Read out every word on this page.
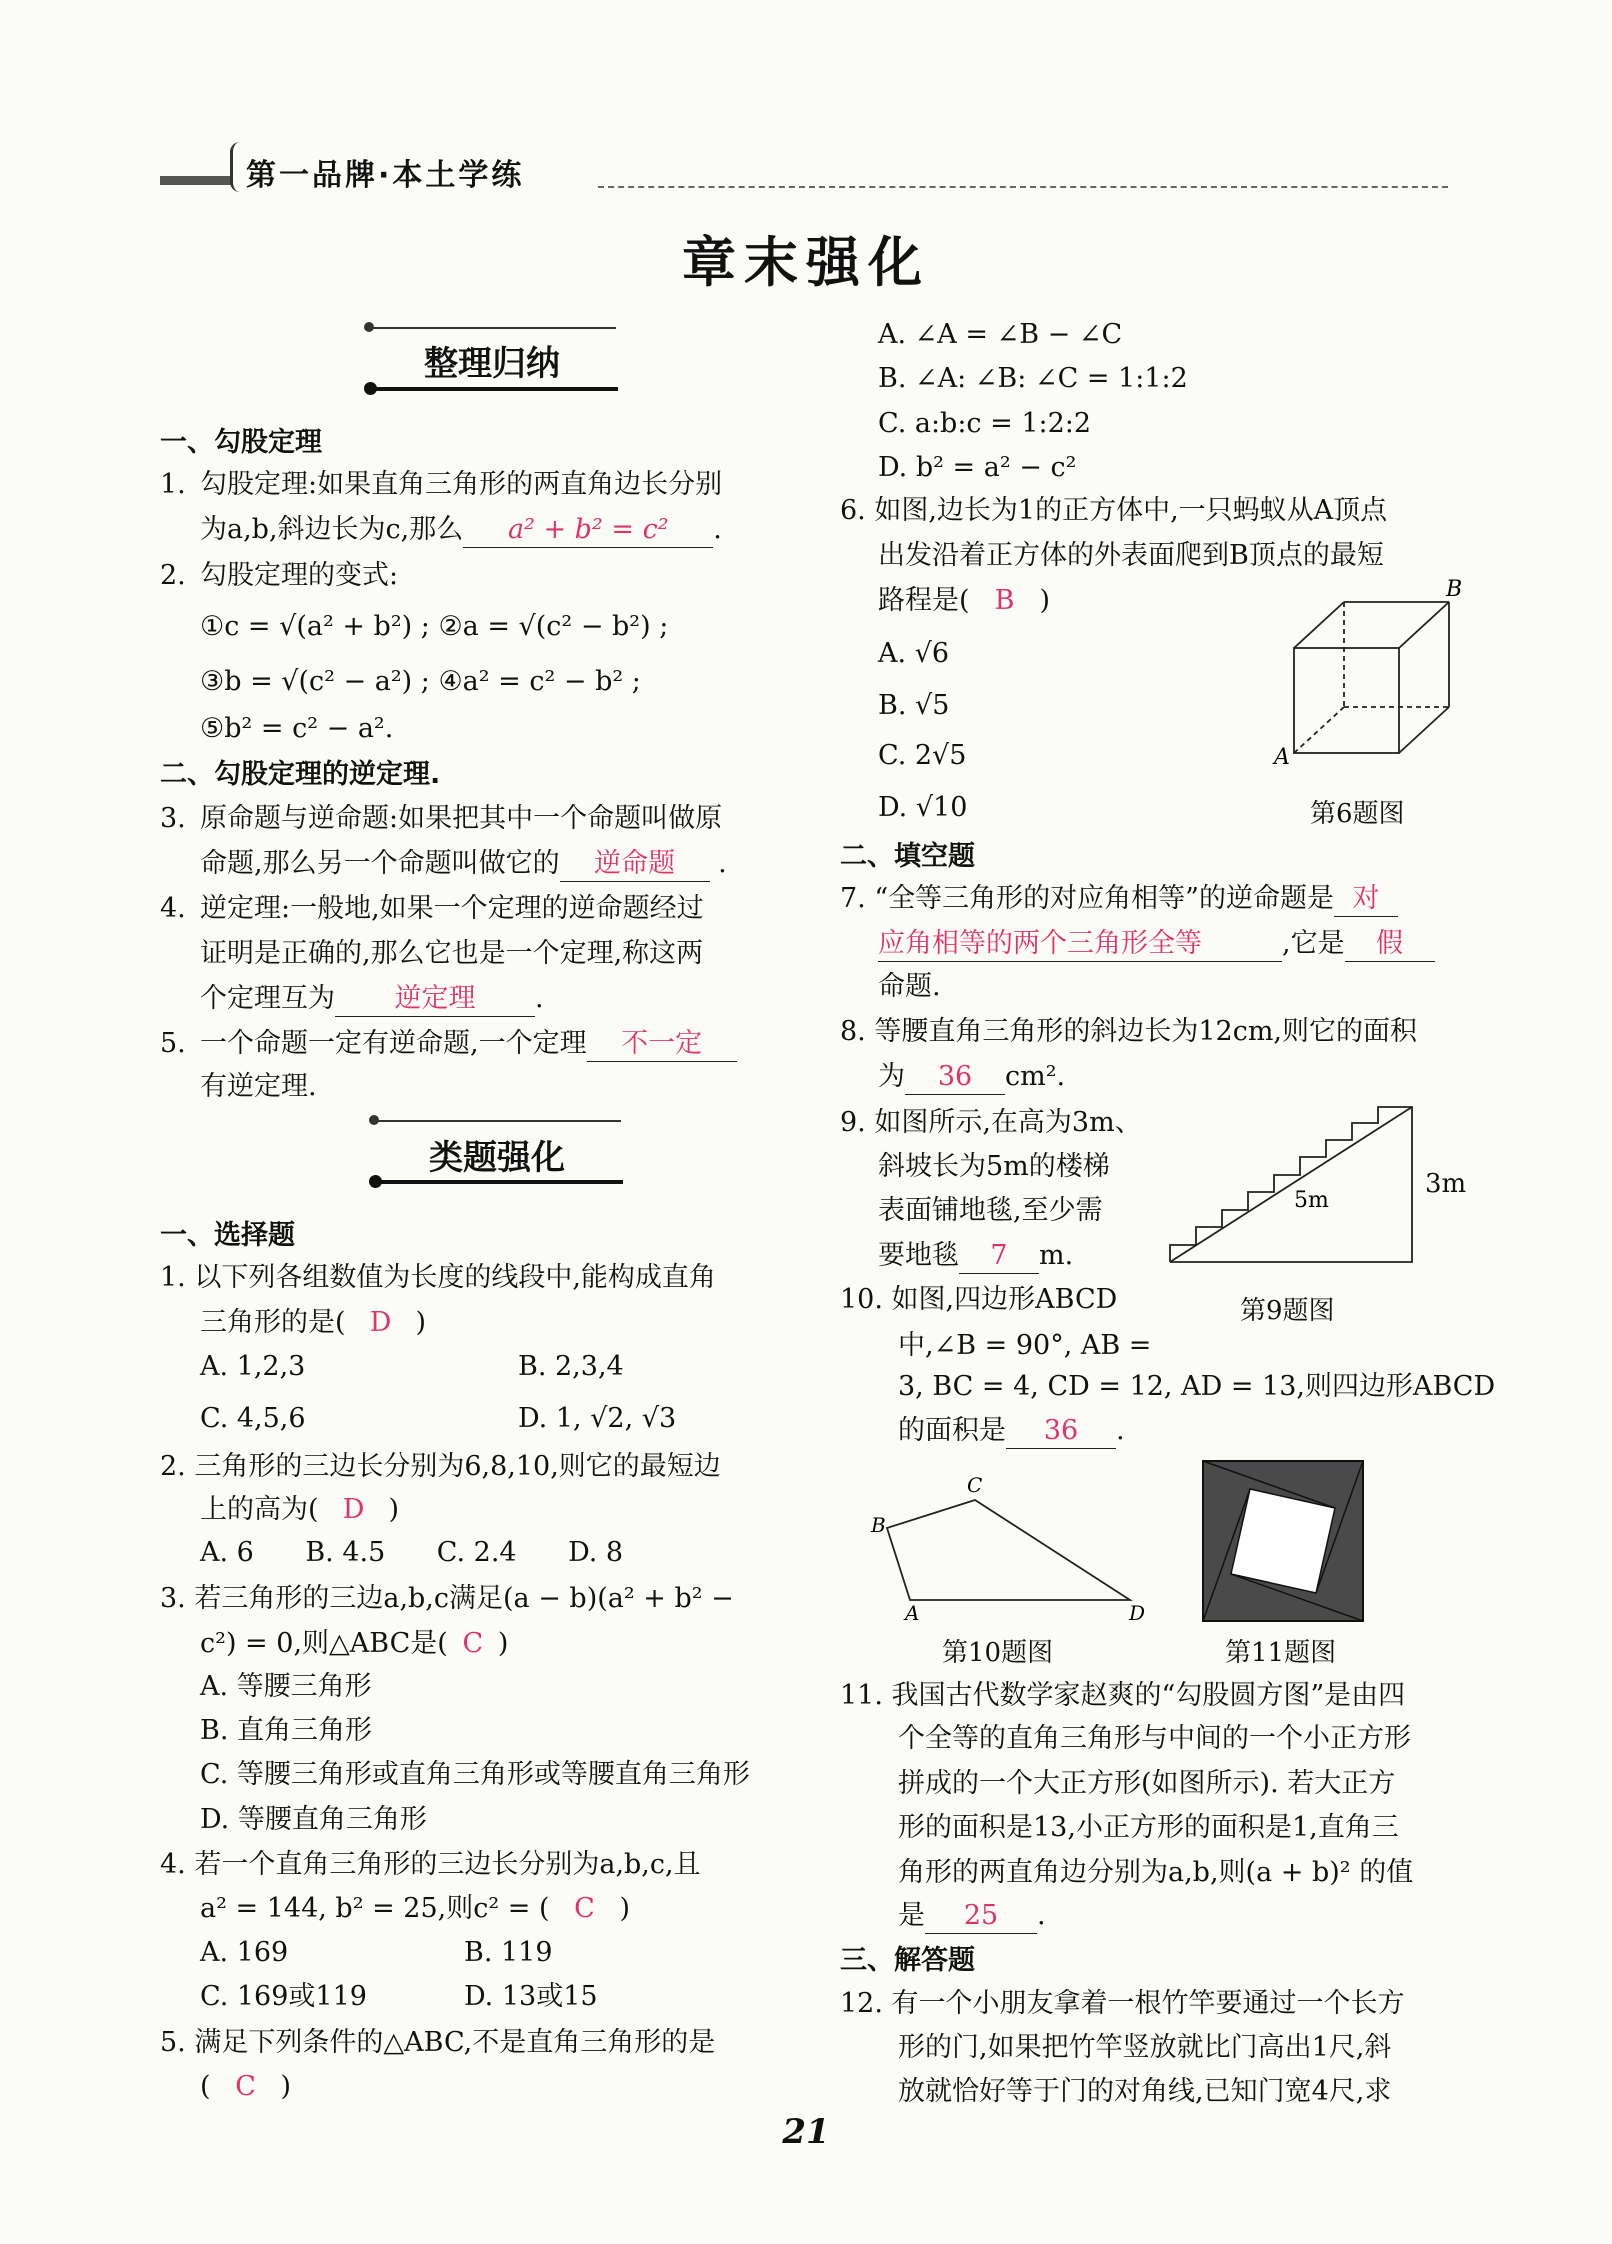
第一品牌·本土学练
章末强化
整理归纳
类题强化
一、勾股定理
1. 勾股定理:如果直角三角形的两直角边长分别
为a,b,斜边长为c,那么 a² + b² = c² .
2. 勾股定理的变式:
①c = √(a² + b²) ; ②a = √(c² − b²) ;
③b = √(c² − a²) ; ④a² = c² − b² ;
⑤b² = c² − a².
二、勾股定理的逆定理.
3. 原命题与逆命题:如果把其中一个命题叫做原
命题,那么另一个命题叫做它的 逆命题 .
4. 逆定理:一般地,如果一个定理的逆命题经过
证明是正确的,那么它也是一个定理,称这两
个定理互为 逆定理 .
5. 一个命题一定有逆命题,一个定理 不一定
有逆定理.
一、选择题
1. 以下列各组数值为长度的线段中,能构成直角
三角形的是( D )
A. 1,2,3	B. 2,3,4
C. 4,5,6	D. 1, √2, √3
2. 三角形的三边长分别为6,8,10,则它的最短边
上的高为( D )
A. 6      B. 4.5      C. 2.4      D. 8
3. 若三角形的三边a,b,c满足(a − b)(a² + b² −
c²) = 0,则△ABC是( C )
A. 等腰三角形
B. 直角三角形
C. 等腰三角形或直角三角形或等腰直角三角形
D. 等腰直角三角形
4. 若一个直角三角形的三边长分别为a,b,c,且
a² = 144, b² = 25,则c² = ( C )
A. 169	B. 119
C. 169或119	D. 13或15
5. 满足下列条件的△ABC,不是直角三角形的是
( C )
A. ∠A = ∠B − ∠C
B. ∠A: ∠B: ∠C = 1:1:2
C. a:b:c = 1:2:2
D. b² = a² − c²
6. 如图,边长为1的正方体中,一只蚂蚁从A顶点
出发沿着正方体的外表面爬到B顶点的最短
路程是( B )
A. √6
B. √5
C. 2√5
D. √10
B
A
第6题图
二、填空题
7. “全等三角形的对应角相等”的逆命题是 对
应角相等的两个三角形全等	,它是 假
命题.
8. 等腰直角三角形的斜边长为12cm,则它的面积
为 36 cm².
9. 如图所示,在高为3m、
斜坡长为5m的楼梯
表面铺地毯,至少需
要地毯 7 m.
5m
3m
第9题图
10. 如图,四边形ABCD
中,∠B = 90°, AB =
3, BC = 4, CD = 12, AD = 13,则四边形ABCD
的面积是 36 .
B
C
D
A
第10题图	第11题图
11. 我国古代数学家赵爽的“勾股圆方图”是由四
个全等的直角三角形与中间的一个小正方形
拼成的一个大正方形(如图所示). 若大正方
形的面积是13,小正方形的面积是1,直角三
角形的两直角边分别为a,b,则(a + b)² 的值
是 25 .
三、解答题
12. 有一个小朋友拿着一根竹竿要通过一个长方
形的门,如果把竹竿竖放就比门高出1尺,斜
放就恰好等于门的对角线,已知门宽4尺,求
21
